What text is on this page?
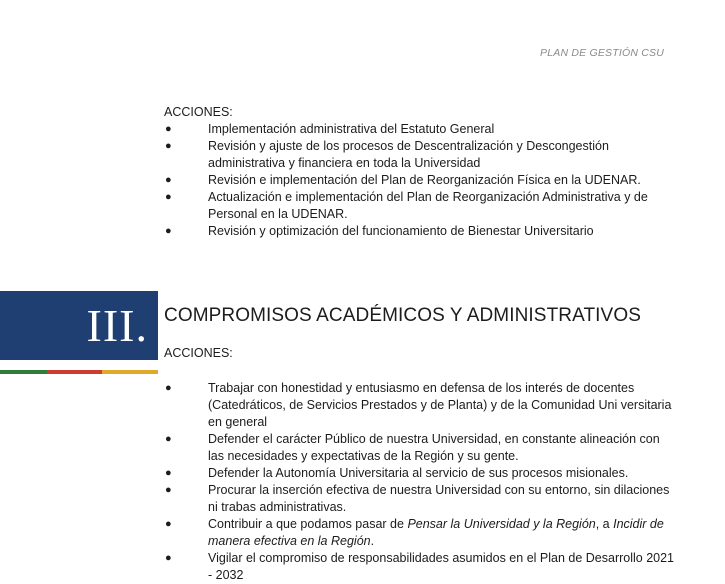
PLAN DE GESTIÓN CSU
ACCIONES:
●	Implementación administrativa del Estatuto General
●	Revisión y ajuste de los procesos de Descentralización y Descongestión administrativa y financiera en toda la Universidad
●	Revisión e implementación del Plan de Reorganización Física en la UDENAR.
●	Actualización e implementación del Plan de Reorganización Administrativa y de Personal en la UDENAR.
●	Revisión y optimización del funcionamiento de Bienestar Universitario
III. COMPROMISOS ACADÉMICOS Y ADMINISTRATIVOS
ACCIONES:
●	Trabajar con honestidad y entusiasmo en defensa de los interés de docentes (Catedráticos, de Servicios Prestados y de Planta) y de la Comunidad Uni versitaria en general
●	Defender el carácter Público de nuestra Universidad, en constante alineación con las necesidades y expectativas de la Región y su gente.
●	Defender la Autonomía Universitaria al servicio de sus procesos misionales.
●	Procurar la inserción efectiva de nuestra Universidad con su entorno, sin dilaciones ni trabas administrativas.
●	Contribuir a que podamos pasar de Pensar la Universidad y la Región, a Incidir de manera efectiva en la Región.
●	Vigilar el compromiso de responsabilidades asumidos en el Plan de Desarrollo 2021 - 2032
